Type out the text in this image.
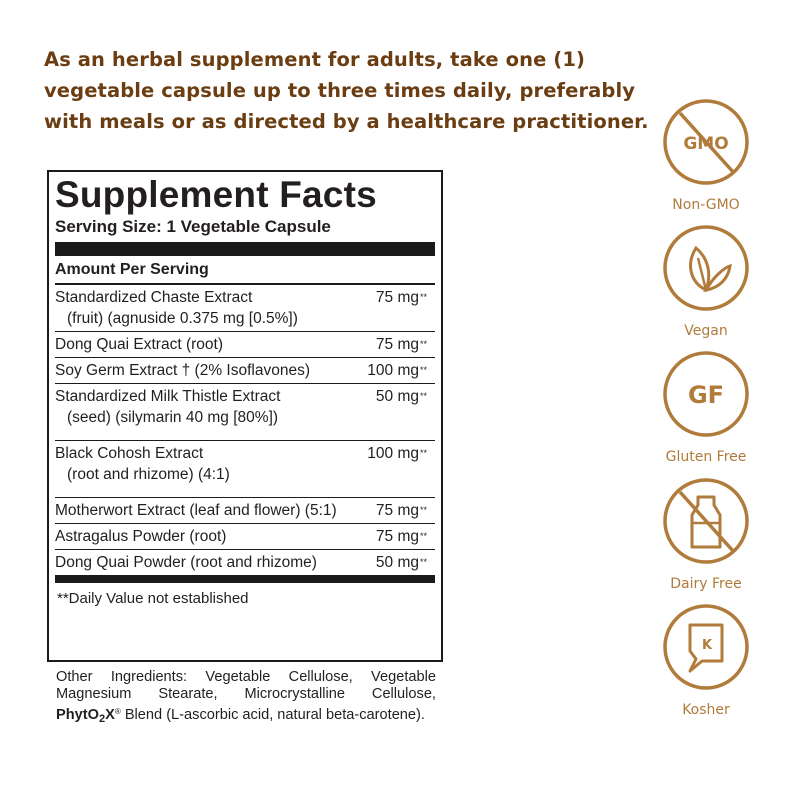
As an herbal supplement for adults, take one (1)
vegetable capsule up to three times daily, preferably
with meals or as directed by a healthcare practitioner.
Supplement Facts
Serving Size: 1 Vegetable Capsule
Amount Per Serving
Standardized Chaste Extract
(fruit) (agnuside 0.375 mg [0.5%])
75 mg**
Dong Quai Extract (root)	75 mg**
Soy Germ Extract † (2% Isoflavones)	100 mg**
Standardized Milk Thistle Extract
(seed) (silymarin 40 mg [80%])
50 mg**
Black Cohosh Extract
(root and rhizome) (4:1)
100 mg**
Motherwort Extract (leaf and flower) (5:1)	75 mg**
Astragalus Powder (root)	75 mg**
Dong Quai Powder (root and rhizome)	50 mg**
**Daily Value not established

Other Ingredients: Vegetable Cellulose, Vegetable Magnesium Stearate, Microcrystalline Cellulose, PhytO$_2$X® Blend (L-ascorbic acid, natural beta-carotene).

GMO
Non-GMO
Vegan
GF
Gluten Free
Dairy Free
K
Kosher
